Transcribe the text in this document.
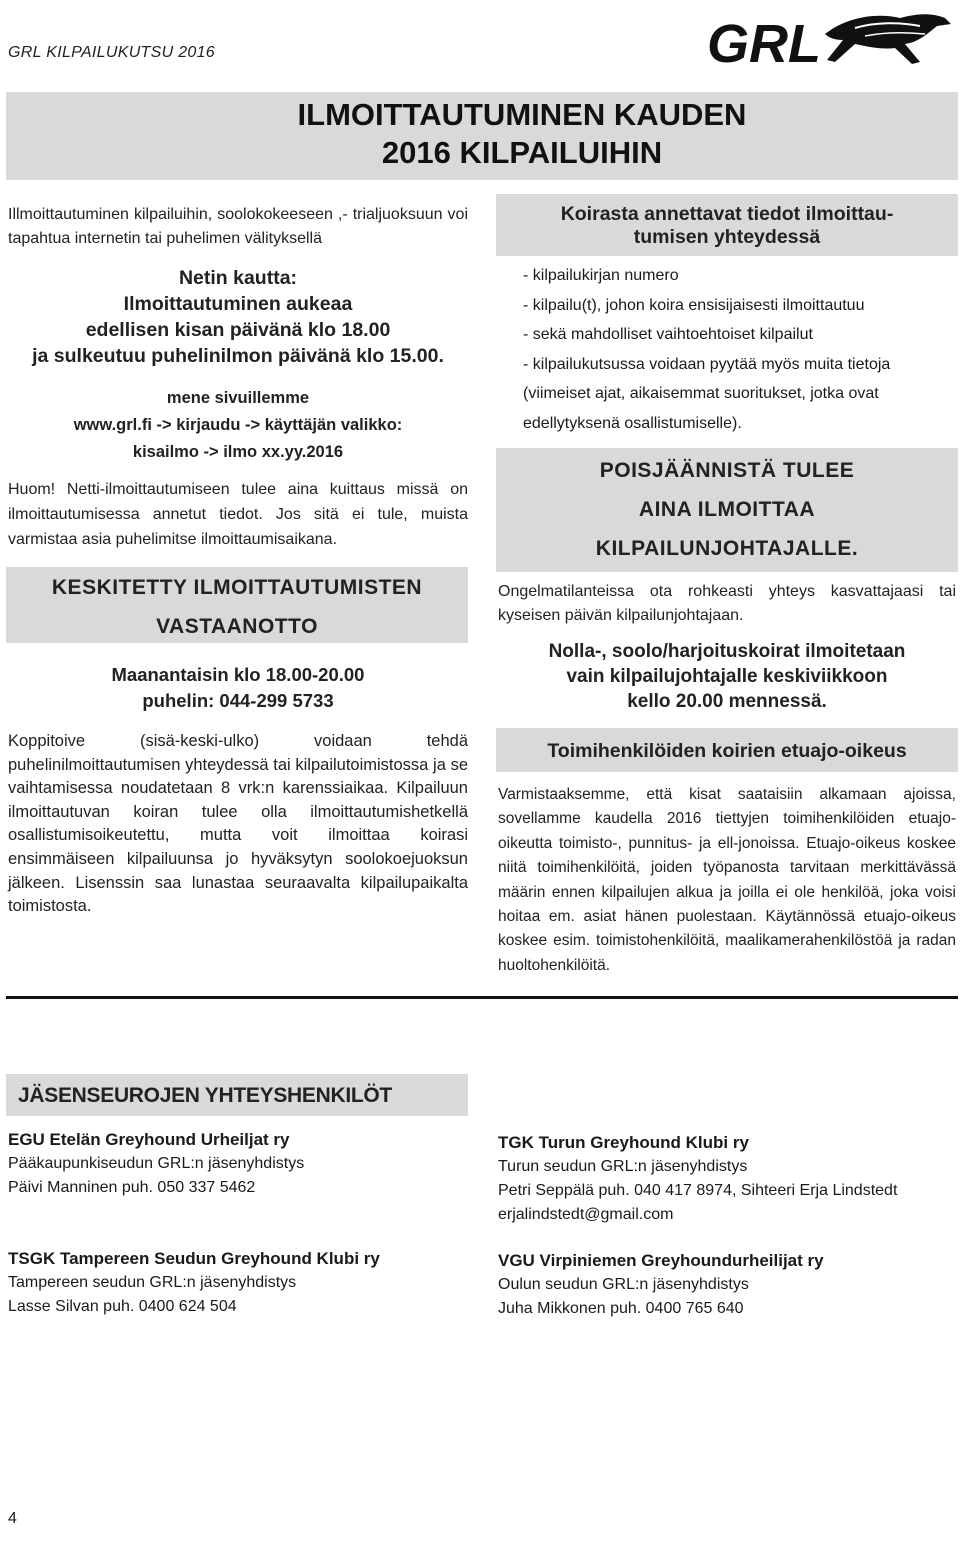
GRL KILPAILUKUTSU 2016	GRL
ILMOITTAUTUMINEN KAUDEN
2016 KILPAILUIHIN
Illmoittautuminen kilpailuihin, soolokokeeseen ,- trialjuoksuun voi tapahtua internetin tai puhelimen välityksellä
Netin kautta:
Ilmoittautuminen aukeaa
edellisen kisan päivänä klo 18.00
ja sulkeutuu puhelinilmon päivänä klo 15.00.
mene sivuillemme
www.grl.fi -> kirjaudu -> käyttäjän valikko:
kisailmo -> ilmo xx.yy.2016
Huom! Netti-ilmoittautumiseen tulee aina kuittaus missä on ilmoittautumisessa annetut tiedot. Jos sitä ei tule, muista varmistaa asia puhelimitse ilmoittaumisaikana.
KESKITETTY ILMOITTAUTUMISTEN
VASTAANOTTO
Maanantaisin klo 18.00-20.00
puhelin: 044-299 5733
Koppitoive (sisä-keski-ulko) voidaan tehdä puhelinilmoittautumisen yhteydessä tai kilpailutoimistossa ja se vaihtamisessa noudatetaan 8 vrk:n karenssiaikaa. Kilpailuun ilmoittautuvan koiran tulee olla ilmoittautumishetkellä osallistumisoikeutettu, mutta voit ilmoittaa koirasi ensimmäiseen kilpailuunsa jo hyväksytyn soolokoejuoksun jälkeen. Lisenssin saa lunastaa seuraavalta kilpailupaikalta toimistosta.
Koirasta annettavat tiedot ilmoittau-
tumisen yhteydessä
- kilpailukirjan numero
- kilpailu(t), johon koira ensisijaisesti ilmoittautuu
- sekä mahdolliset vaihtoehtoiset kilpailut
- kilpailukutsussa voidaan pyytää myös muita tietoja
(viimeiset ajat, aikaisemmat suoritukset, jotka ovat
edellytyksenä osallistumiselle).
POISJÄÄNNISTÄ TULEE
AINA ILMOITTAA
KILPAILUNJOHTAJALLE.
Ongelmatilanteissa ota rohkeasti yhteys kasvattajaasi tai kyseisen päivän kilpailunjohtajaan.
Nolla-, soolo/harjoituskoirat ilmoitetaan
vain kilpailujohtajalle keskiviikkoon
kello 20.00 mennessä.
Toimihenkilöiden koirien etuajo-oikeus
Varmistaaksemme, että kisat saataisiin alkamaan ajoissa, sovellamme kaudella 2016 tiettyjen toimihenkilöiden etuajo-oikeutta toimisto-, punnitus- ja ell-jonoissa. Etuajo-oikeus koskee niitä toimihenkilöitä, joiden työpanosta tarvitaan merkittävässä määrin ennen kilpailujen alkua ja joilla ei ole henkilöä, joka voisi hoitaa em. asiat hänen puolestaan. Käytännössä etuajo-oikeus koskee esim. toimistohenkilöitä, maalikamerahenkilöstöä ja radan huoltohenkilöitä.
JÄSENSEUROJEN YHTEYSHENKILÖT
EGU Etelän Greyhound Urheiljat ry
Pääkaupunkiseudun GRL:n jäsenyhdistys
Päivi Manninen puh. 050 337 5462
TGK Turun Greyhound Klubi ry
Turun seudun GRL:n jäsenyhdistys
Petri Seppälä puh. 040 417 8974, Sihteeri Erja Lindstedt
erjalindstedt@gmail.com
TSGK Tampereen Seudun Greyhound Klubi ry
Tampereen seudun GRL:n jäsenyhdistys
Lasse Silvan puh. 0400 624 504
VGU Virpiniemen Greyhoundurheilijat ry
Oulun seudun GRL:n jäsenyhdistys
Juha Mikkonen puh. 0400 765 640
4
